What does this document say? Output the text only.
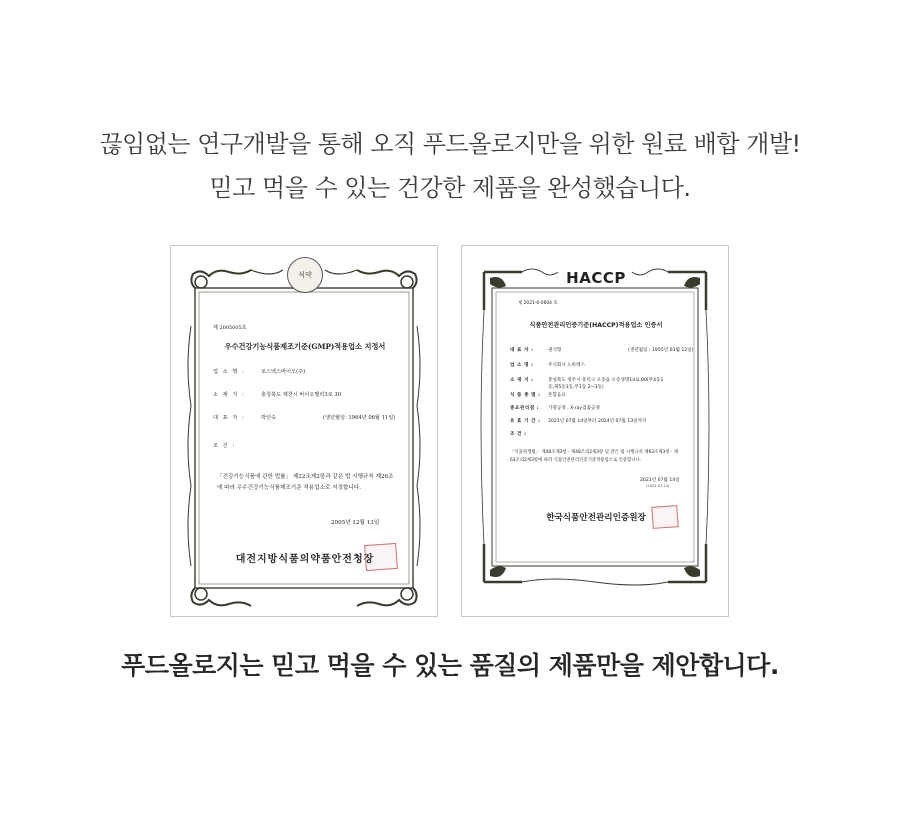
끊임없는 연구개발을 통해 오직 푸드올로지만을 위한 원료 배합 개발!

믿고 먹을 수 있는 건강한 제품을 완성했습니다.

식약
제 2005005호
우수건강기능식품제조기준(GMP)적용업소 지정서
업 소 명 :	로스벡스바이오(주)
소 재 지 :	충청북도 제천시 바이오밸리3로 30
대 표 자 :	박인숙	(생년월일: 1964년 06월 11일)
조 건 :
「건강기능식품에 관한 법률」 제22조제2항과 같은 법 시행규칙 제26조에 따라 우수건강기능식품제조기준 적용업소로 지정합니다.
2005년 12월 13일
대전지방식품의약품안전청장
HACCP
제 2021-6-0604 호
식품안전관리인증기준(HACCP)적용업소 인증서
대 표 자 :	권석형	(생년월일 : 1955년 03월 12일)
업 소 명 :	주식회사 노바렉스
소 재 지 :	충청북도 청주시 흥덕구 오송읍 오송생명14로 80(무4동1
동,제5동1동,무1동 2~3동)
식 품 종 별 : 혼합음료
중요관리점 : 가열공정 , X-ray검출공정
유 효 기 간 : 2021년 07월 14일부터 2024년 07월 13일까지
조 건 :
「식품위생법」 제48조제3항 · 제48조의2제3항 및 같은 법 시행규칙 제63조제3항 · 제63조의2제3항에 따라 식품안전관리인증기준적용업소로 인증합니다.
2021년 07월 14일
(2021.07.14)
한국식품안전관리인증원장
푸드올로지는 믿고 먹을 수 있는 품질의 제품만을 제안합니다.
